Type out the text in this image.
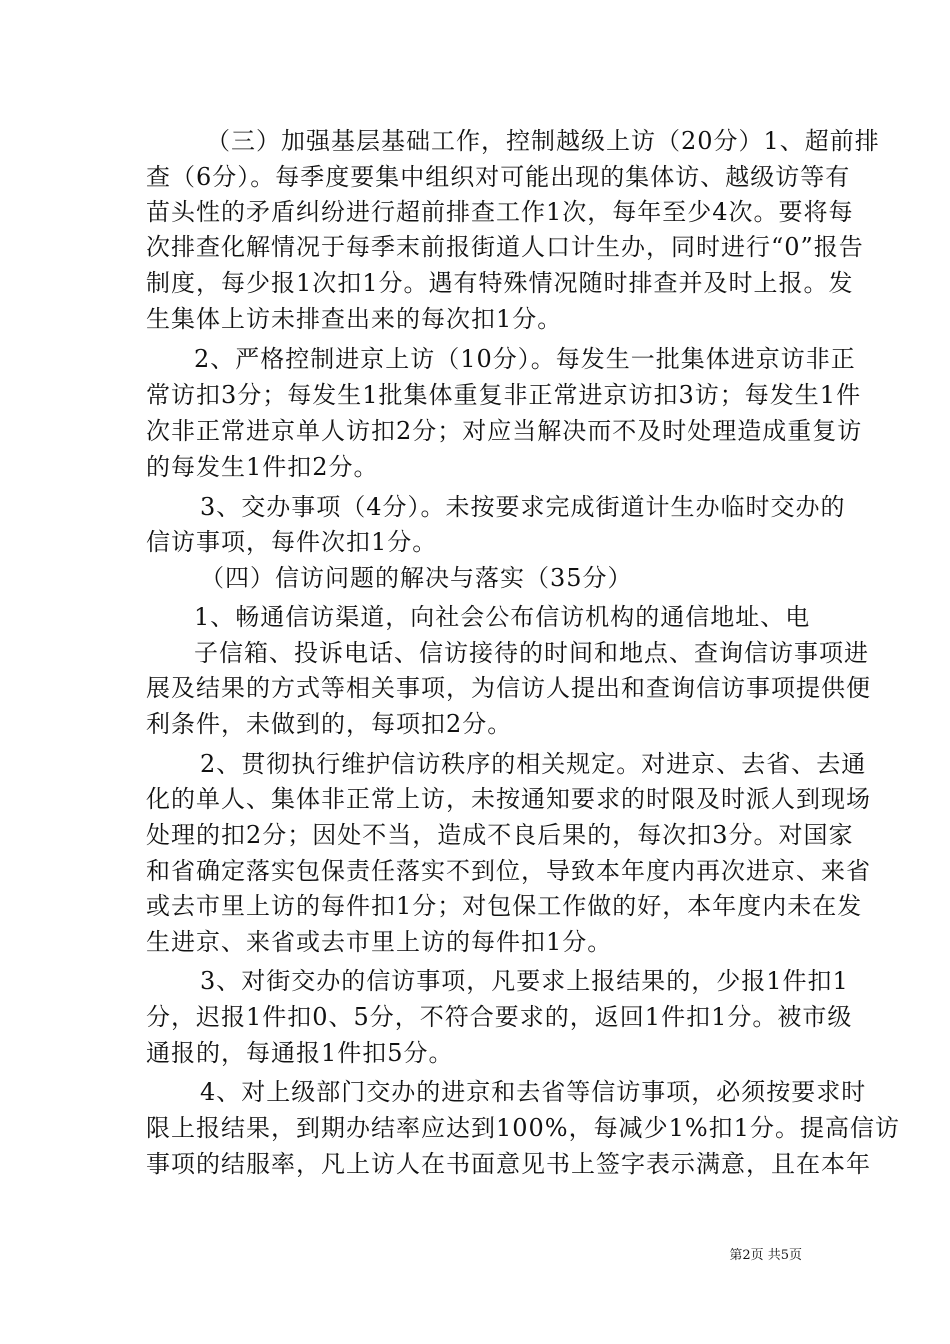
（三）加强基层基础工作，控制越级上访（20分）1、超前排
查（6分）。每季度要集中组织对可能出现的集体访、越级访等有
苗头性的矛盾纠纷进行超前排查工作1次，每年至少4次。要将每
次排查化解情况于每季末前报街道人口计生办，同时进行“0”报告
制度，每少报1次扣1分。遇有特殊情况随时排查并及时上报。发
生集体上访未排查出来的每次扣1分。
2、严格控制进京上访（10分）。每发生一批集体进京访非正
常访扣3分；每发生1批集体重复非正常进京访扣3访；每发生1件
次非正常进京单人访扣2分；对应当解决而不及时处理造成重复访
的每发生1件扣2分。
3、交办事项（4分）。未按要求完成街道计生办临时交办的
信访事项，每件次扣1分。
（四）信访问题的解决与落实（35分）
1、畅通信访渠道，向社会公布信访机构的通信地址、电
子信箱、投诉电话、信访接待的时间和地点、查询信访事项进
展及结果的方式等相关事项，为信访人提出和查询信访事项提供便
利条件，未做到的，每项扣2分。
2、贯彻执行维护信访秩序的相关规定。对进京、去省、去通
化的单人、集体非正常上访，未按通知要求的时限及时派人到现场
处理的扣2分；因处不当，造成不良后果的，每次扣3分。对国家
和省确定落实包保责任落实不到位，导致本年度内再次进京、来省
或去市里上访的每件扣1分；对包保工作做的好，本年度内未在发
生进京、来省或去市里上访的每件扣1分。
3、对街交办的信访事项，凡要求上报结果的，少报1件扣1
分，迟报1件扣0、5分，不符合要求的，返回1件扣1分。被市级
通报的，每通报1件扣5分。
4、对上级部门交办的进京和去省等信访事项，必须按要求时
限上报结果，到期办结率应达到100%，每减少1%扣1分。提高信访
事项的结服率，凡上访人在书面意见书上签字表示满意，且在本年
第2页 共5页
